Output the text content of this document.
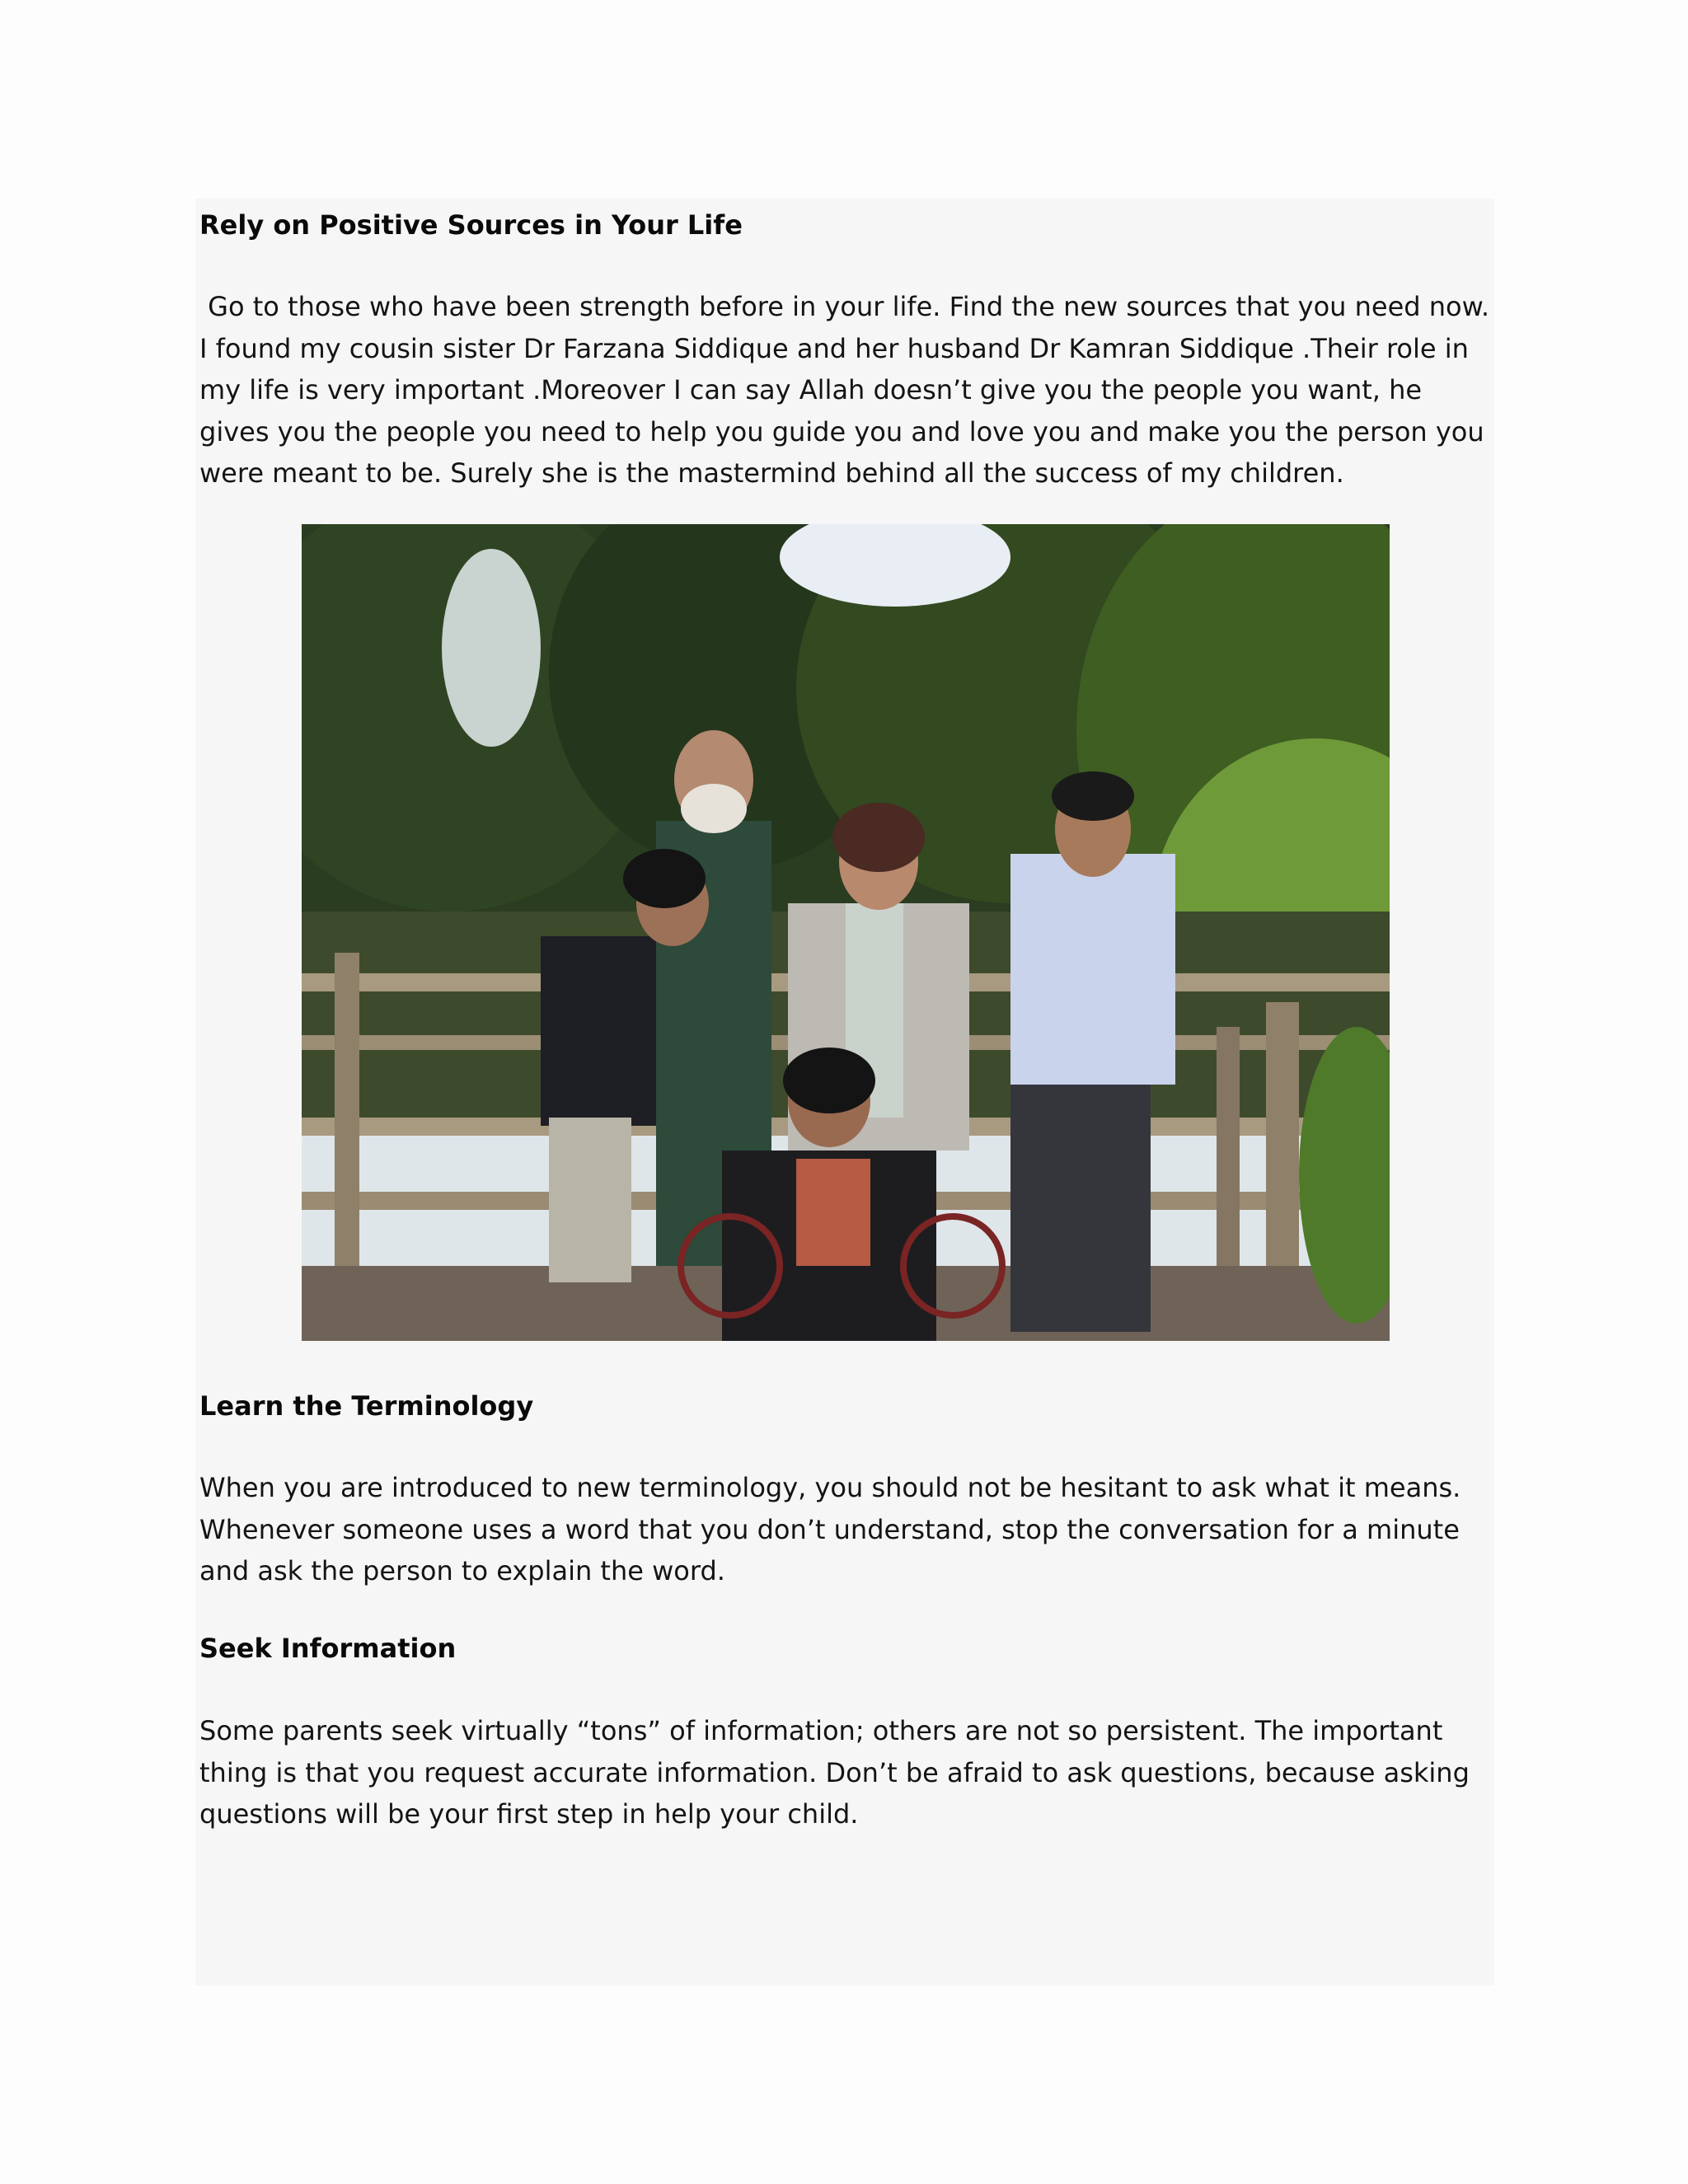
Rely on Positive Sources in Your Life

Go to those who have been strength before in your life. Find the new sources that you need now. I found my cousin sister Dr Farzana Siddique and her husband Dr Kamran Siddique .Their role in my life is very important .Moreover I can say Allah doesn’t give you the people you want, he gives you the people you need to help you guide you and love you and make you the person you were meant to be. Surely she is the mastermind behind all the success of my children.

Learn the Terminology

When you are introduced to new terminology, you should not be hesitant to ask what it means. Whenever someone uses a word that you don’t understand, stop the conversation for a minute and ask the person to explain the word.

Seek Information

Some parents seek virtually “tons” of information; others are not so persistent. The important thing is that you request accurate information. Don’t be afraid to ask questions, because asking questions will be your first step in help your child.
